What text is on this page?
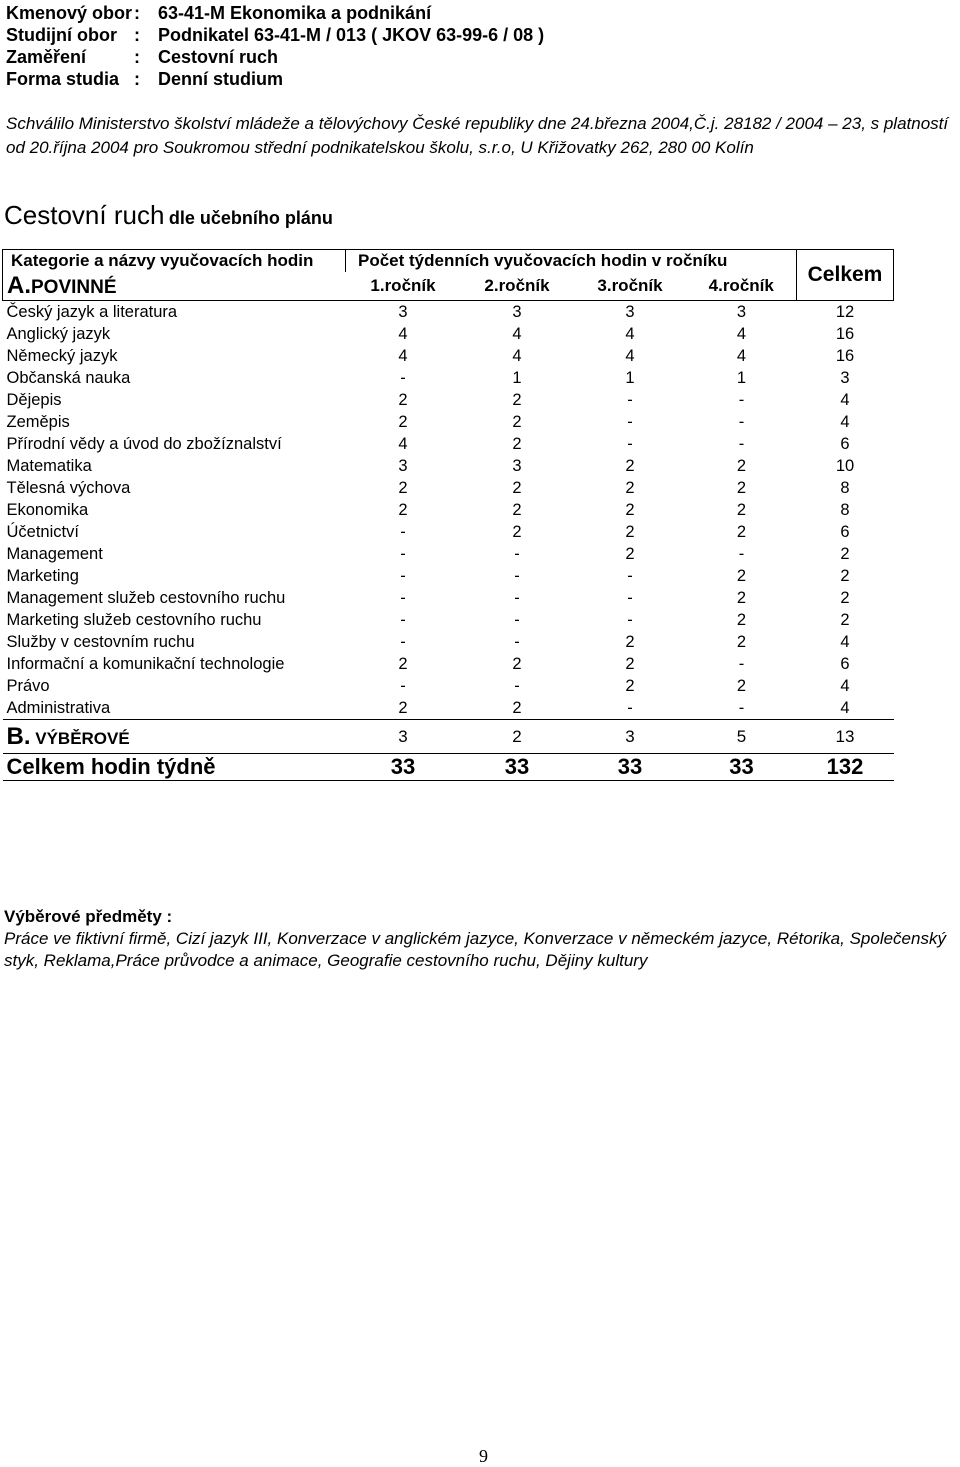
Kmenový obor :	63-41-M Ekonomika a podnikání
Studijní obor :	Podnikatel 63-41-M / 013 ( JKOV 63-99-6 / 08 )
Zaměření	:	Cestovní ruch
Forma studia :	Denní studium
Schválilo Ministerstvo školství mládeže a tělovýchovy České republiky dne 24.března 2004,Č.j. 28182 / 2004 – 23, s platností od 20.října 2004 pro Soukromou střední podnikatelskou školu, s.r.o, U Křižovatky 262, 280 00 Kolín
Cestovní ruch dle učebního plánu
Kategorie a názvy vyučovacích hodin	Počet týdenních vyučovacích hodin v ročníku				Celkem
A.POVINNÉ	1.ročník	2.ročník	3.ročník	4.ročník	
Český jazyk a literatura	3	3	3	3	12
Anglický jazyk	4	4	4	4	16
Německý jazyk	4	4	4	4	16
Občanská nauka	-	1	1	1	3
Dějepis	2	2	-	-	4
Zeměpis	2	2	-	-	4
Přírodní vědy a úvod do zbožíznalství	4	2	-	-	6
Matematika	3	3	2	2	10
Tělesná výchova	2	2	2	2	8
Ekonomika	2	2	2	2	8
Účetnictví	-	2	2	2	6
Management	-	-	2	-	2
Marketing	-	-	-	2	2
Management služeb cestovního ruchu	-	-	-	2	2
Marketing služeb cestovního ruchu	-	-	-	2	2
Služby v cestovním ruchu	-	-	2	2	4
Informační a komunikační technologie	2	2	2	-	6
Právo	-	-	2	2	4
Administrativa	2	2	-	-	4
B. VÝBĚROVÉ	3	2	3	5	13
Celkem hodin týdně	33	33	33	33	132
Výběrové předměty :
Práce ve fiktivní firmě, Cizí jazyk III, Konverzace v anglickém jazyce, Konverzace v německém jazyce, Rétorika, Společenský styk, Reklama,Práce průvodce a animace, Geografie cestovního ruchu, Dějiny kultury
9
